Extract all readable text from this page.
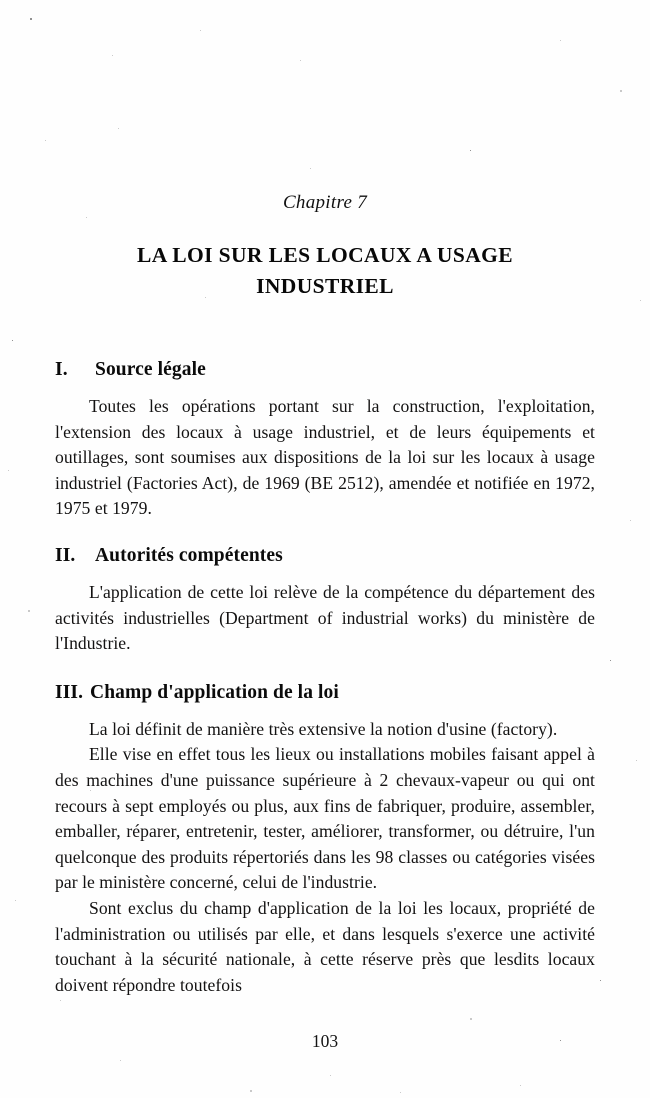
Chapitre 7
LA LOI SUR LES LOCAUX A USAGE
INDUSTRIEL
I.	Source légale

Toutes les opérations portant sur la construction, l'exploitation, l'extension des locaux à usage industriel, et de leurs équipements et outillages, sont soumises aux dispositions de la loi sur les locaux à usage industriel (Factories Act), de 1969 (BE 2512), amendée et notifiée en 1972, 1975 et 1979.

II.	Autorités compétentes

L'application de cette loi relève de la compétence du département des activités industrielles (Department of industrial works) du ministère de l'Industrie.

III. Champ d'application de la loi

La loi définit de manière très extensive la notion d'usine (factory).

Elle vise en effet tous les lieux ou installations mobiles faisant appel à des machines d'une puissance supérieure à 2 chevaux-vapeur ou qui ont recours à sept employés ou plus, aux fins de fabriquer, produire, assembler, emballer, réparer, entretenir, tester, améliorer, transformer, ou détruire, l'un quelconque des produits répertoriés dans les 98 classes ou catégories visées par le ministère concerné, celui de l'industrie.

Sont exclus du champ d'application de la loi les locaux, propriété de l'administration ou utilisés par elle, et dans lesquels s'exerce une activité touchant à la sécurité nationale, à cette réserve près que lesdits locaux doivent répondre toutefois

103
